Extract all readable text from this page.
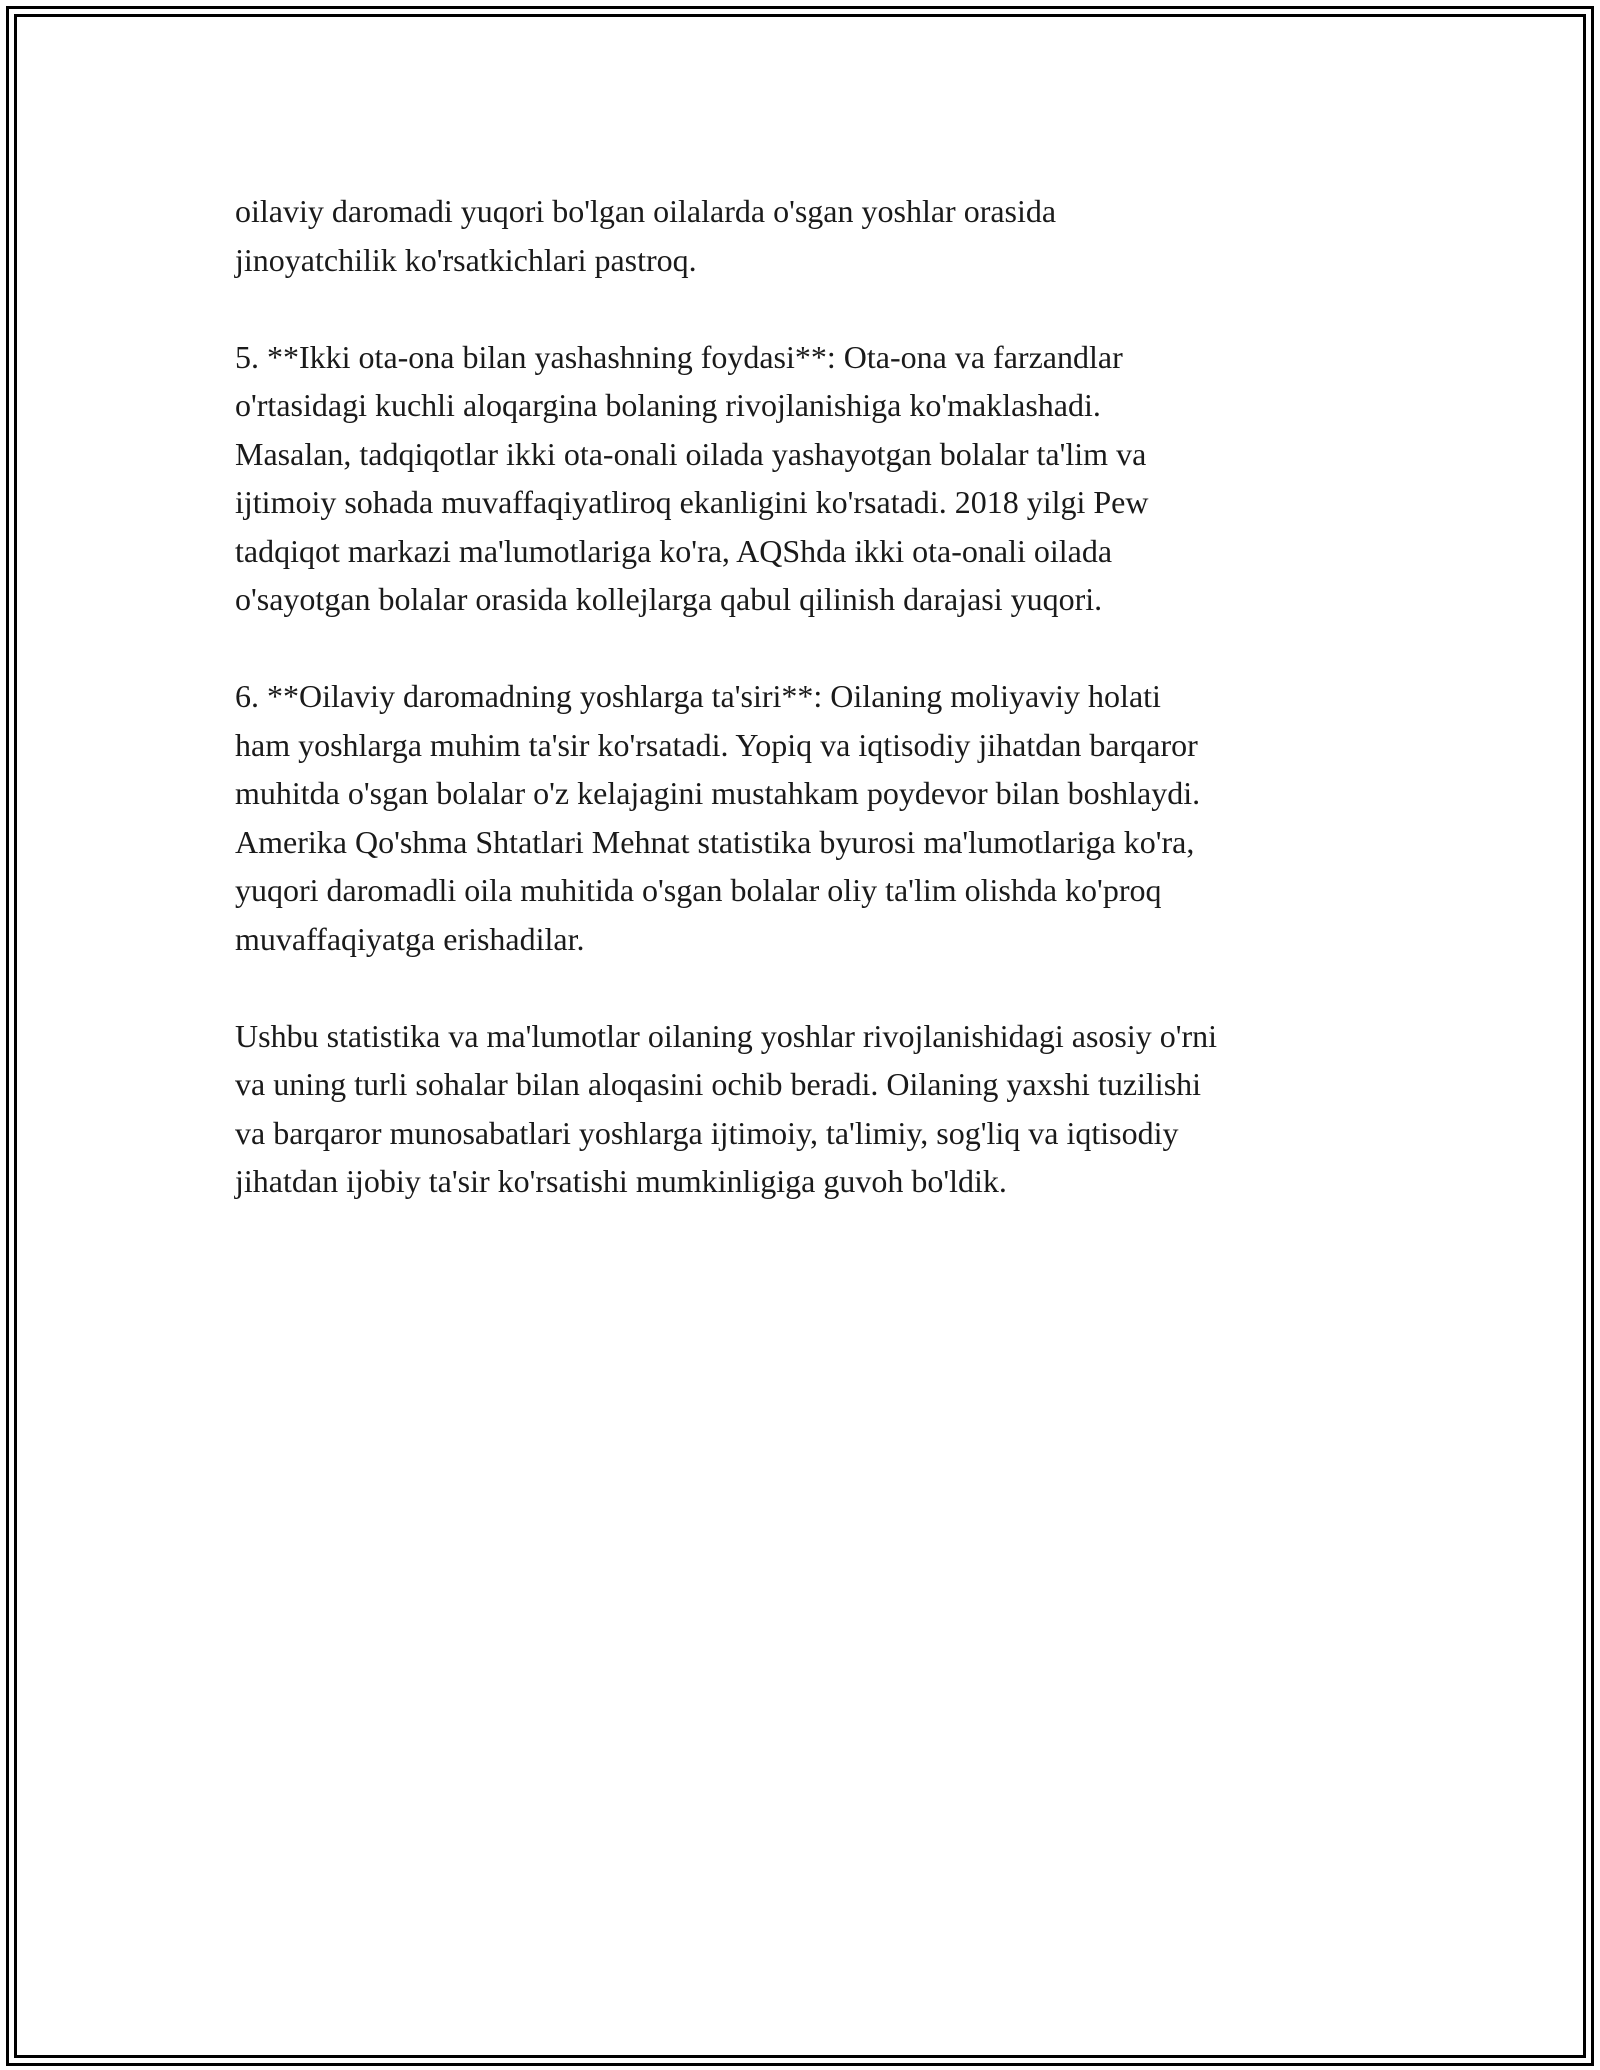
oilaviy daromadi yuqori bo'lgan oilalarda o'sgan yoshlar orasida
jinoyatchilik ko'rsatkichlari pastroq.

5. **Ikki ota-ona bilan yashashning foydasi**: Ota-ona va farzandlar
o'rtasidagi kuchli aloqargina bolaning rivojlanishiga ko'maklashadi.
Masalan, tadqiqotlar ikki ota-onali oilada yashayotgan bolalar ta'lim va
ijtimoiy sohada muvaffaqiyatliroq ekanligini ko'rsatadi. 2018 yilgi Pew
tadqiqot markazi ma'lumotlariga ko'ra, AQShda ikki ota-onali oilada
o'sayotgan bolalar orasida kollejlarga qabul qilinish darajasi yuqori.

6. **Oilaviy daromadning yoshlarga ta'siri**: Oilaning moliyaviy holati
ham yoshlarga muhim ta'sir ko'rsatadi. Yopiq va iqtisodiy jihatdan barqaror
muhitda o'sgan bolalar o'z kelajagini mustahkam poydevor bilan boshlaydi.
Amerika Qo'shma Shtatlari Mehnat statistika byurosi ma'lumotlariga ko'ra,
yuqori daromadli oila muhitida o'sgan bolalar oliy ta'lim olishda ko'proq
muvaffaqiyatga erishadilar.

Ushbu statistika va ma'lumotlar oilaning yoshlar rivojlanishidagi asosiy o'rni
va uning turli sohalar bilan aloqasini ochib beradi. Oilaning yaxshi tuzilishi
va barqaror munosabatlari yoshlarga ijtimoiy, ta'limiy, sog'liq va iqtisodiy
jihatdan ijobiy ta'sir ko'rsatishi mumkinligiga guvoh bo'ldik.
